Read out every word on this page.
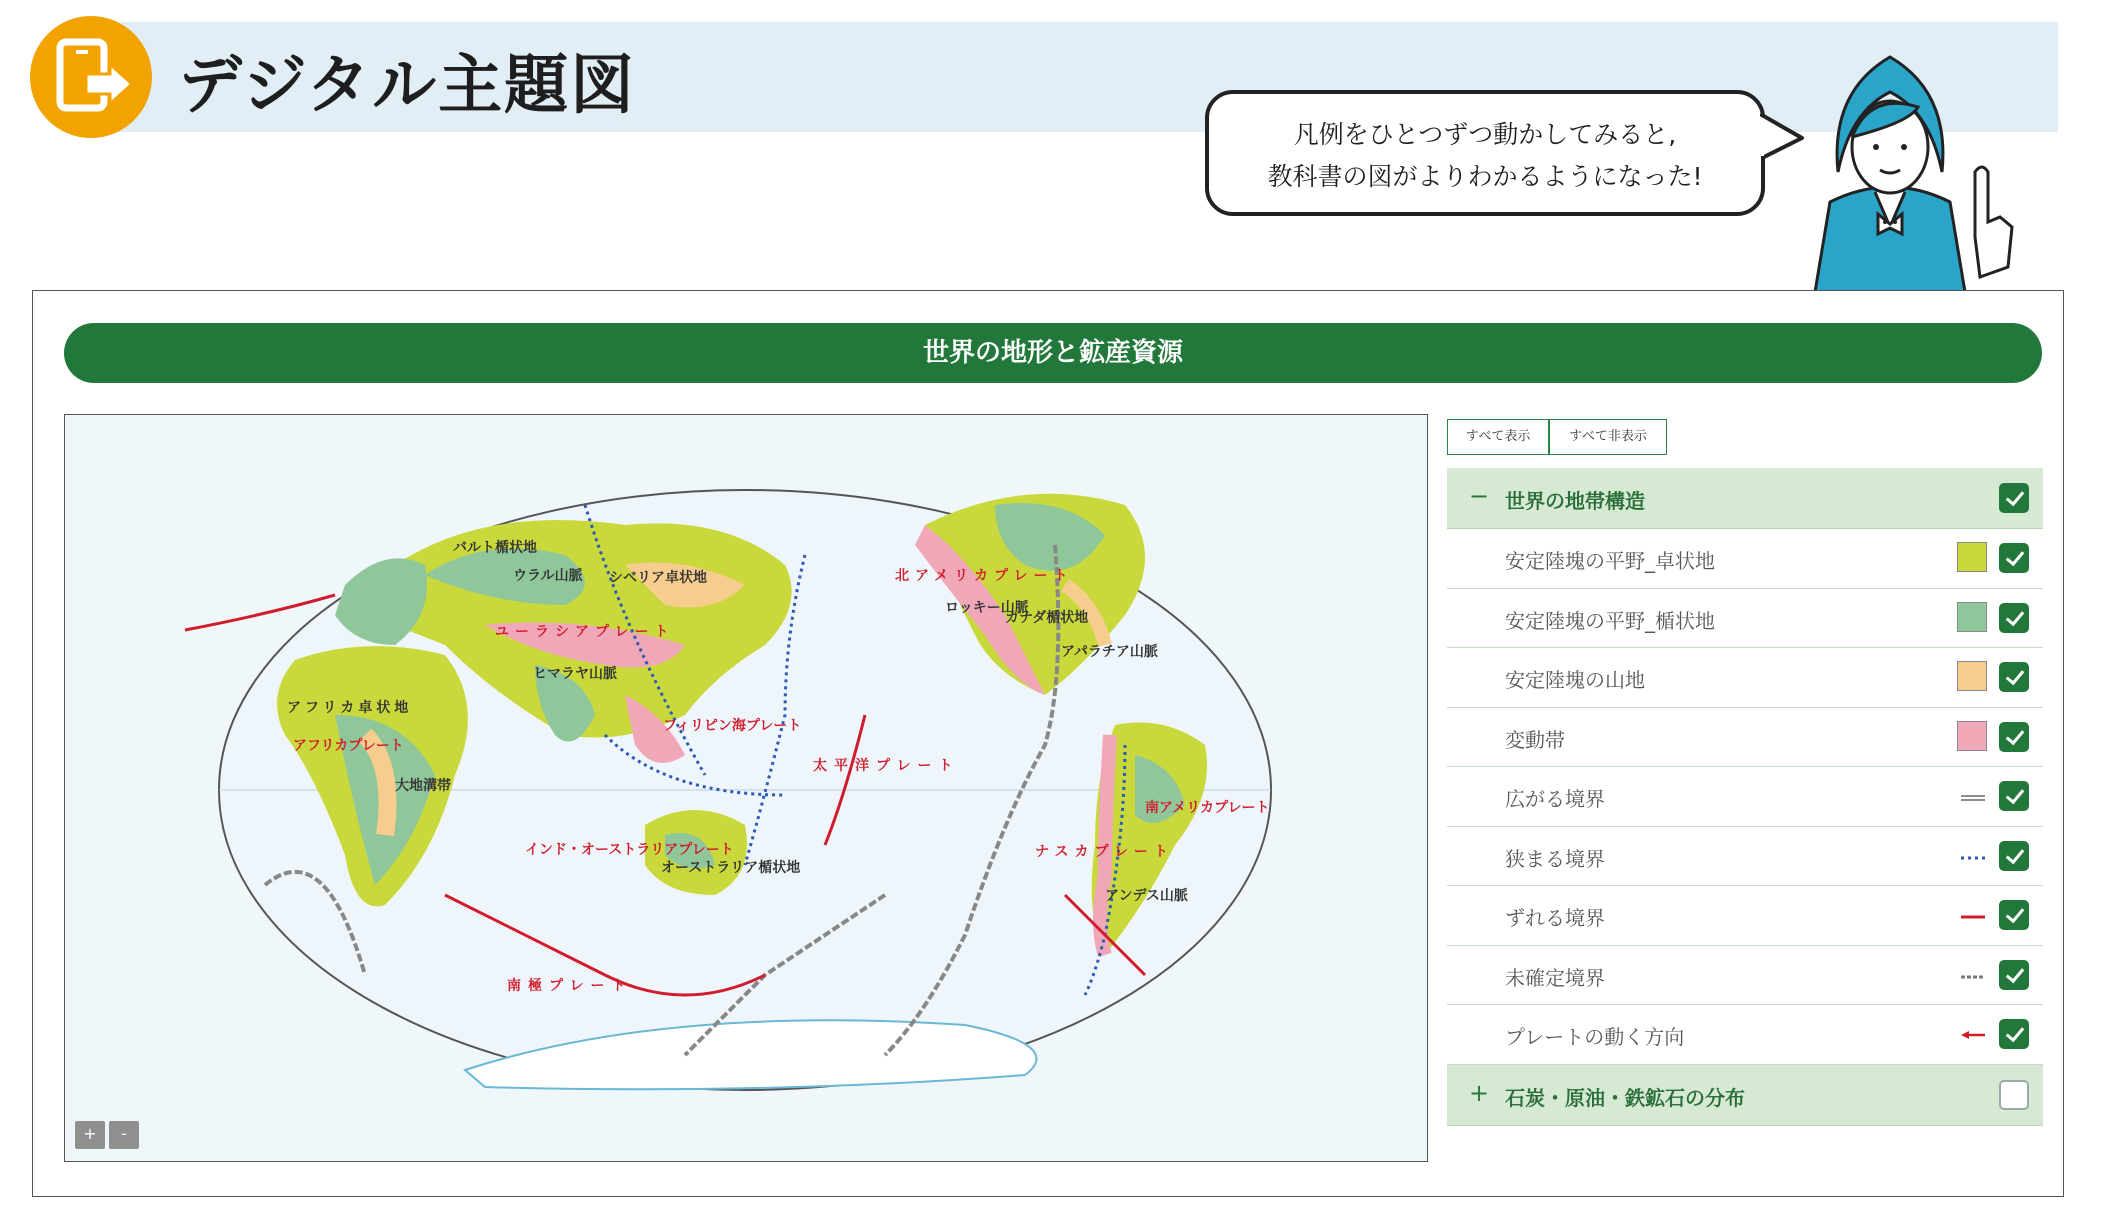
デジタル主題図
凡例をひとつずつ動かしてみると,
教科書の図がよりわかるようになった!
世界の地形と鉱産資源
バルト楯状地
シベリア卓状地
ウラル山脈
ユーラシアプレート
ヒマラヤ山脈
アフリカ卓状地
アフリカプレート
大地溝帯
フィリピン海プレート
太平洋プレート
北アメリカプレート
ロッキー山脈
カナダ楯状地
アパラチア山脈
インド・オーストラリアプレート
オーストラリア楯状地
ナスカプレート
南アメリカプレート
アンデス山脈
南極プレート
+	-
すべて表示	すべて非表示
− 世界の地帯構造
安定陸塊の平野_卓状地
安定陸塊の平野_楯状地
安定陸塊の山地
変動帯
広がる境界
狭まる境界
ずれる境界
未確定境界
プレートの動く方向
+ 石炭・原油・鉄鉱石の分布
